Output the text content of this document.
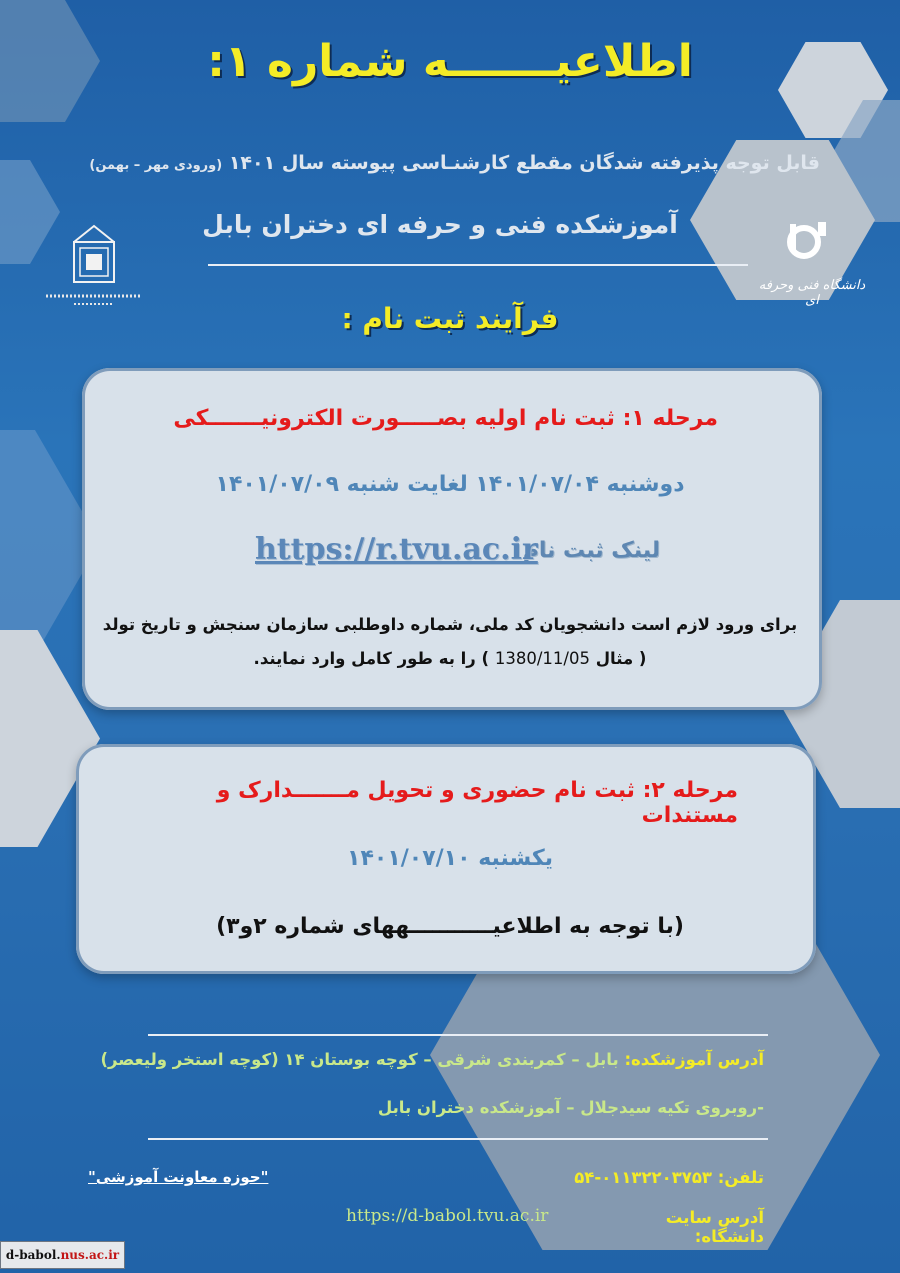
اطلاعیـــــــه شماره ۱:
قابل توجه پذیرفته شدگان مقطع کارشنـاسی پیوسته سال ۱۴۰۱ (ورودی مهر – بهمن)
آموزشکده فنی و حرفه ای دختران بابل
دانشگاه فنی وحرفه ای
فرآیند ثبت نام :
مرحله ۱: ثبت نام اولیه بصـــــورت الکترونیـــــــکی
دوشنبه ۱۴۰۱/۰۷/۰۴ لغایت شنبه ۱۴۰۱/۰۷/۰۹
لینک ثبت نام
https://r.tvu.ac.ir
برای ورود لازم است دانشجویان کد ملی، شماره داوطلبی سازمان سنجش و تاریخ تولد
( مثال 1380/11/05 ) را به طور کامل وارد نمایند.
مرحله ۲: ثبت نام حضوری و تحویل مـــــــدارک و مستندات
یکشنبه ۱۴۰۱/۰۷/۱۰
(با توجه به اطلاعیـــــــــــههای شماره ۲و۳)
آدرس آموزشکده: بابل – کمربندی شرقی – کوچه بوستان ۱۴ (کوچه استخر ولیعصر)
-روبروی تکیه سیدجلال – آموزشکده دختران بابل
تلفن: ۰۱۱۳۲۲۰۳۷۵۳-۵۴
"حوزه معاونت آموزشی"
آدرس سایت دانشگاه:
https://d-babol.tvu.ac.ir
d-babol. nus.ac.ir
